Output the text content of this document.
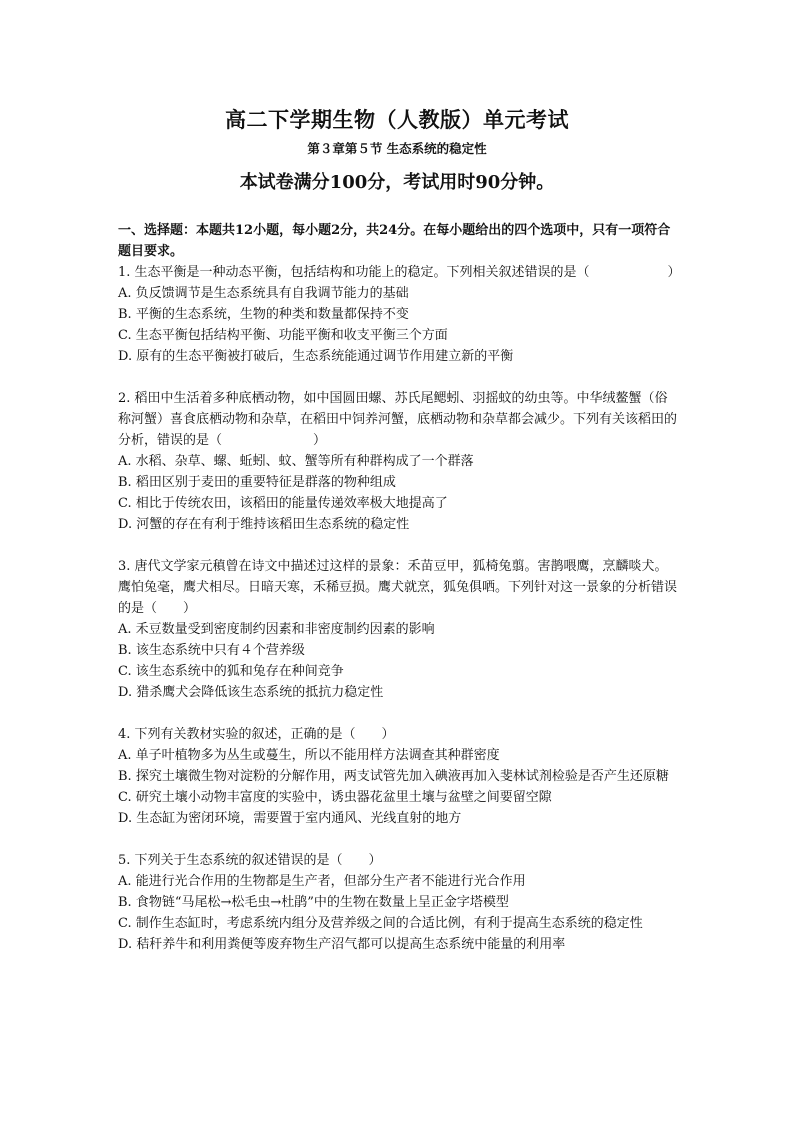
高二下学期生物（人教版）单元考试
第３章第５节 生态系统的稳定性
本试卷满分100分，考试用时90分钟。

一、选择题：本题共12小题，每小题2分，共24分。在每小题给出的四个选项中，只有一项符合题目要求。

1. 生态平衡是一种动态平衡，包括结构和功能上的稳定。下列相关叙述错误的是（　　　　　　）

A. 负反馈调节是生态系统具有自我调节能力的基础

B. 平衡的生态系统，生物的种类和数量都保持不变

C. 生态平衡包括结构平衡、功能平衡和收支平衡三个方面

D. 原有的生态平衡被打破后，生态系统能通过调节作用建立新的平衡

2. 稻田中生活着多种底栖动物，如中国圆田螺、苏氏尾鳃蚓、羽摇蚊的幼虫等。中华绒鳌蟹（俗称河蟹）喜食底栖动物和杂草，在稻田中饲养河蟹，底栖动物和杂草都会减少。下列有关该稻田的分析，错误的是（　　　　　　　）

A. 水稻、杂草、螺、蚯蚓、蚊、蟹等所有种群构成了一个群落

B. 稻田区别于麦田的重要特征是群落的物种组成

C. 相比于传统农田，该稻田的能量传递效率极大地提高了

D. 河蟹的存在有利于维持该稻田生态系统的稳定性

3. 唐代文学家元稹曾在诗文中描述过这样的景象：禾苗豆甲，狐椅兔翦。害鹊喂鹰，烹麟啖犬。鹰怕兔毫，鹰犬相尽。日暗天寒，禾稀豆损。鹰犬就烹，狐兔俱哂。下列针对这一景象的分析错误的是（　　）

A. 禾豆数量受到密度制约因素和非密度制约因素的影响

B. 该生态系统中只有４个营养级

C. 该生态系统中的狐和兔存在种间竞争

D. 猎杀鹰犬会降低该生态系统的抵抗力稳定性

4. 下列有关教材实验的叙述，正确的是（　　）

A. 单子叶植物多为丛生或蔓生，所以不能用样方法调查其种群密度

B. 探究土壤微生物对淀粉的分解作用，两支试管先加入碘液再加入斐林试剂检验是否产生还原糖

C. 研究土壤小动物丰富度的实验中，诱虫器花盆里土壤与盆壁之间要留空隙

D. 生态缸为密闭环境，需要置于室内通风、光线直射的地方

5. 下列关于生态系统的叙述错误的是（　　）

A. 能进行光合作用的生物都是生产者，但部分生产者不能进行光合作用

B. 食物链“马尾松→松毛虫→杜鹃”中的生物在数量上呈正金字塔模型

C. 制作生态缸时，考虑系统内组分及营养级之间的合适比例，有利于提高生态系统的稳定性

D. 秸秆养牛和利用粪便等废弃物生产沼气都可以提高生态系统中能量的利用率
